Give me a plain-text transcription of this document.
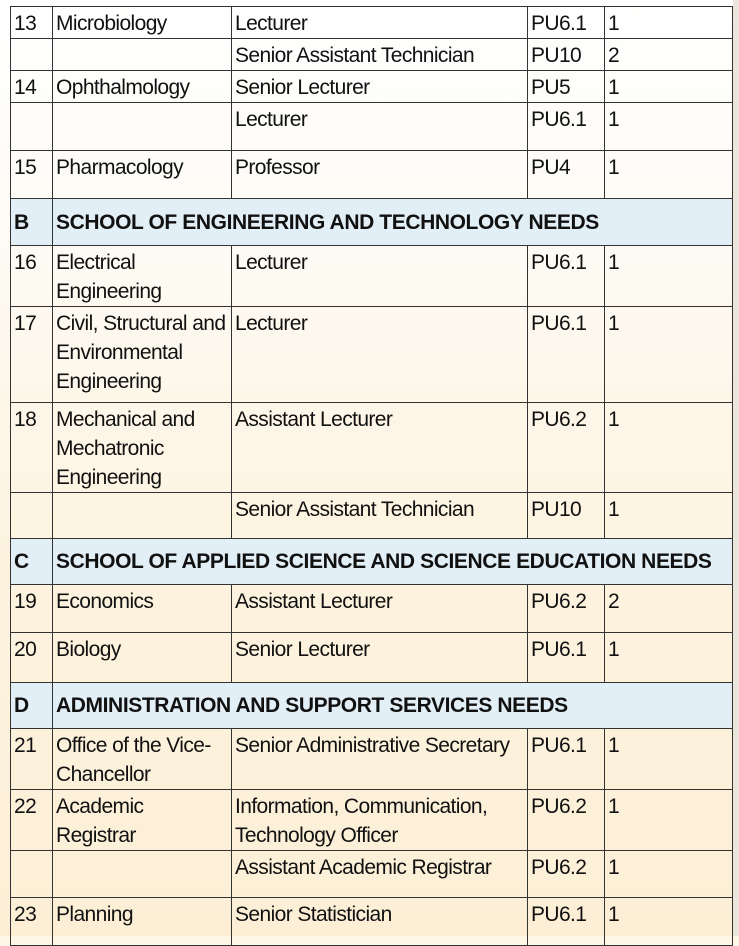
13	Microbiology	Lecturer	PU6.1	1
		Senior Assistant Technician	PU10	2
14	Ophthalmology	Senior Lecturer	PU5	1
		Lecturer	PU6.1	1
15	Pharmacology	Professor	PU4	1
B	SCHOOL OF ENGINEERING AND TECHNOLOGY NEEDS			
16	Electrical Engineering	Lecturer	PU6.1	1
17	Civil, Structural and Environmental Engineering	Lecturer	PU6.1	1
18	Mechanical and Mechatronic Engineering	Assistant Lecturer	PU6.2	1
		Senior Assistant Technician	PU10	1
C	SCHOOL OF APPLIED SCIENCE AND SCIENCE EDUCATION NEEDS			
19	Economics	Assistant Lecturer	PU6.2	2
20	Biology	Senior Lecturer	PU6.1	1
D	ADMINISTRATION AND SUPPORT SERVICES NEEDS			
21	Office of the Vice-Chancellor	Senior Administrative Secretary	PU6.1	1
22	Academic Registrar	Information, Communication, Technology Officer	PU6.2	1
		Assistant Academic Registrar	PU6.2	1
23	Planning	Senior Statistician	PU6.1	1
